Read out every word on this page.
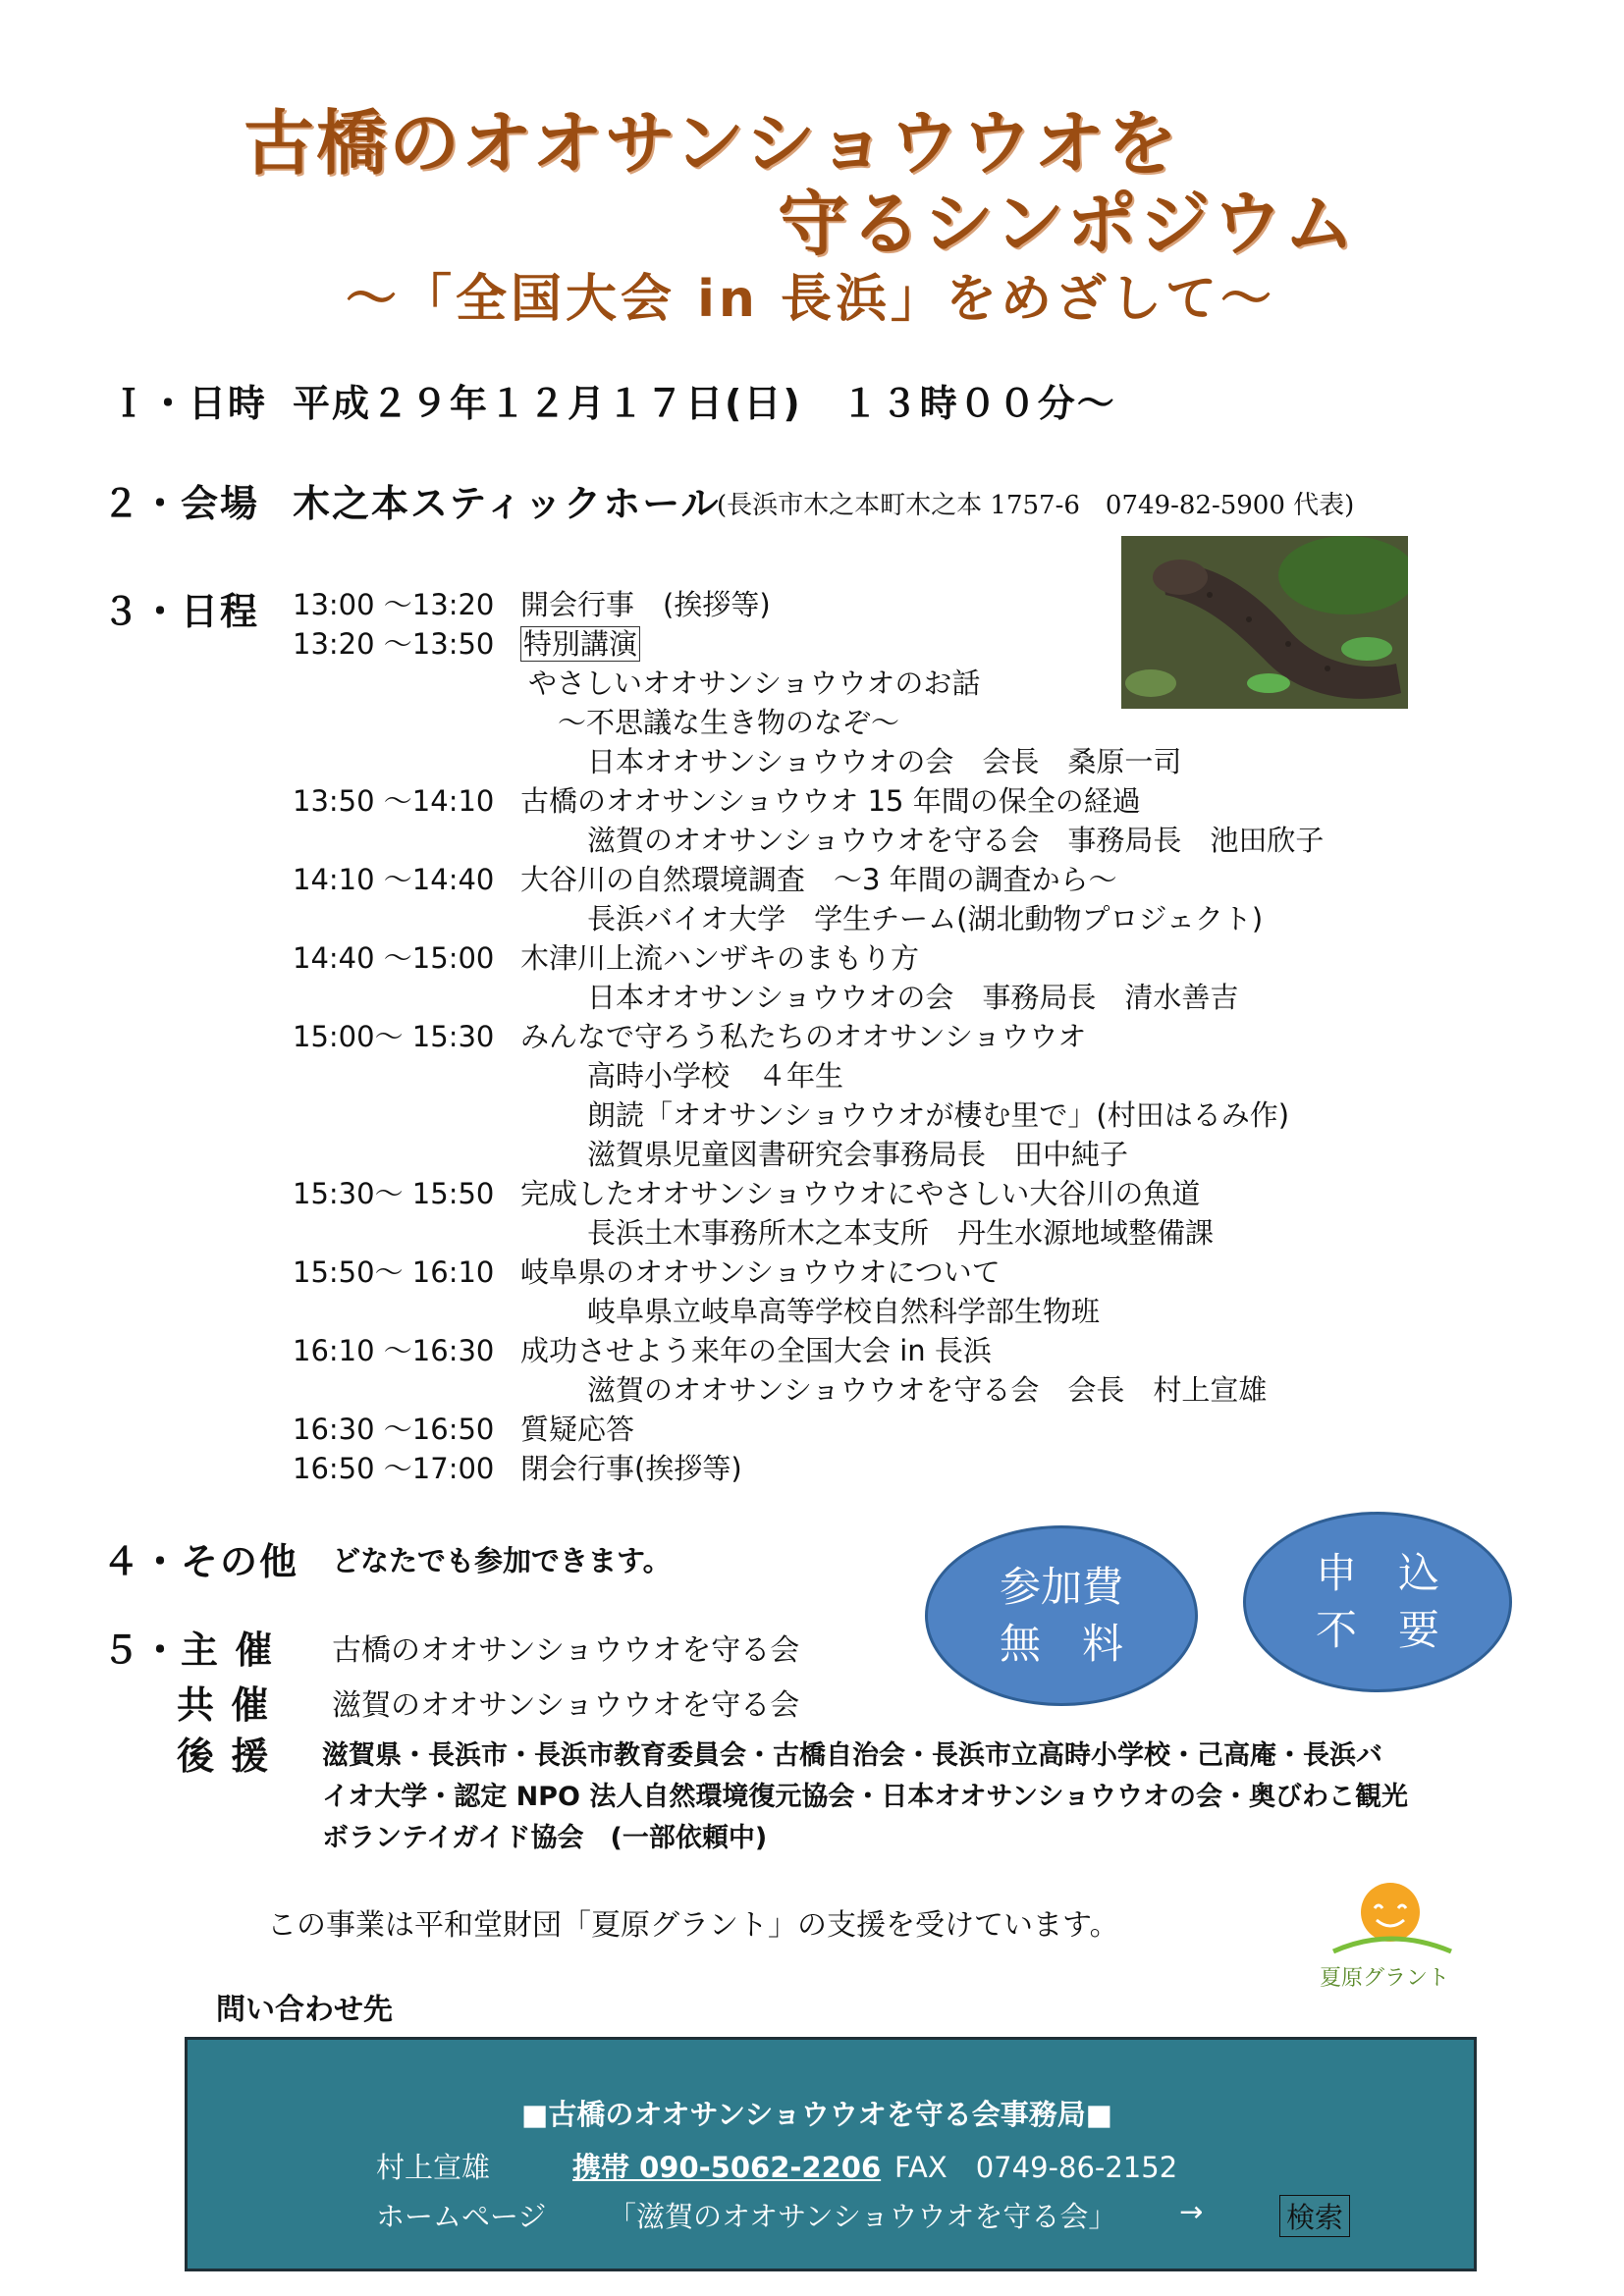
古橋のオオサンショウウオを
守るシンポジウム
～「全国大会 in 長浜」をめざして～
Ｉ・日時 平成２９年１２月１７日(日)　１３時００分～
２・会場 木之本スティックホール
(長浜市木之本町木之本 1757-6　0749-82-5900 代表)
３・日程 13:00 ～13:20 開会行事　(挨拶等)
13:20 ～13:50 特別講演
やさしいオオサンショウウオのお話
～不思議な生き物のなぞ～
日本オオサンショウウオの会　会長　桑原一司
13:50 ～14:10 古橋のオオサンショウウオ 15 年間の保全の経過
滋賀のオオサンショウウオを守る会　事務局長　池田欣子
14:10 ～14:40 大谷川の自然環境調査　～3 年間の調査から～
長浜バイオ大学　学生チーム(湖北動物プロジェクト)
14:40 ～15:00 木津川上流ハンザキのまもり方
日本オオサンショウウオの会　事務局長　清水善吉
15:00～ 15:30 みんなで守ろう私たちのオオサンショウウオ
高時小学校　４年生
朗読「オオサンショウウオが棲む里で」(村田はるみ作)
滋賀県児童図書研究会事務局長　田中純子
15:30～ 15:50 完成したオオサンショウウオにやさしい大谷川の魚道
長浜土木事務所木之本支所　丹生水源地域整備課
15:50～ 16:10 岐阜県のオオサンショウウオについて
岐阜県立岐阜高等学校自然科学部生物班
16:10 ～16:30 成功させよう来年の全国大会 in 長浜
滋賀のオオサンショウウオを守る会　会長　村上宣雄
16:30 ～16:50 質疑応答
16:50 ～17:00 閉会行事(挨拶等)
４・その他 どなたでも参加できます。
参加費
無　料
申　込
不　要
５・主 催 古橋のオオサンショウウオを守る会
共 催 滋賀のオオサンショウウオを守る会
後 援 滋賀県・長浜市・長浜市教育委員会・古橋自治会・長浜市立高時小学校・己高庵・長浜バ
イオ大学・認定 NPO 法人自然環境復元協会・日本オオサンショウウオの会・奥びわこ観光
ボランテイガイド協会　(一部依頼中)
この事業は平和堂財団「夏原グラント」の支援を受けています。
夏原グラント
問い合わせ先
■古橋のオオサンショウウオを守る会事務局■
村上宣雄	携帯 090-5062-2206 FAX　0749-86-2152
ホームページ 「滋賀のオオサンショウウオを守る会」 →	検索
